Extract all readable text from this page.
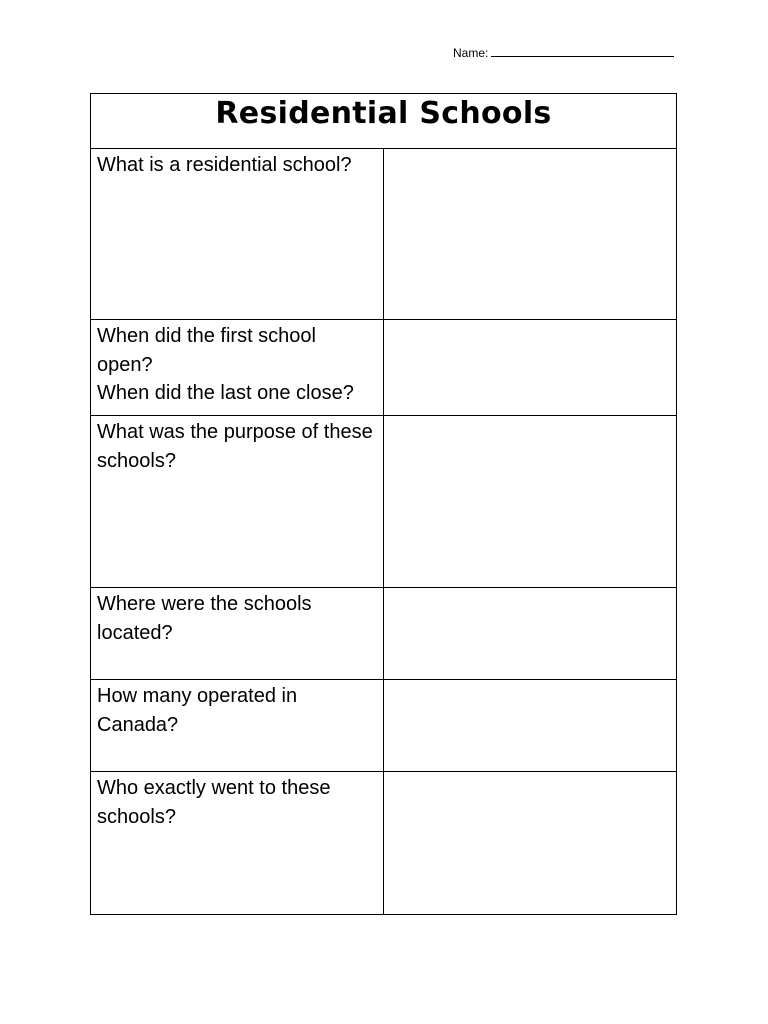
Name:
Residential Schools	

What is a residential school?	

When did the first school open?
When did the last one close?	

What was the purpose of these schools?	

Where were the schools located?	

How many operated in Canada?	

Who exactly went to these schools?	
